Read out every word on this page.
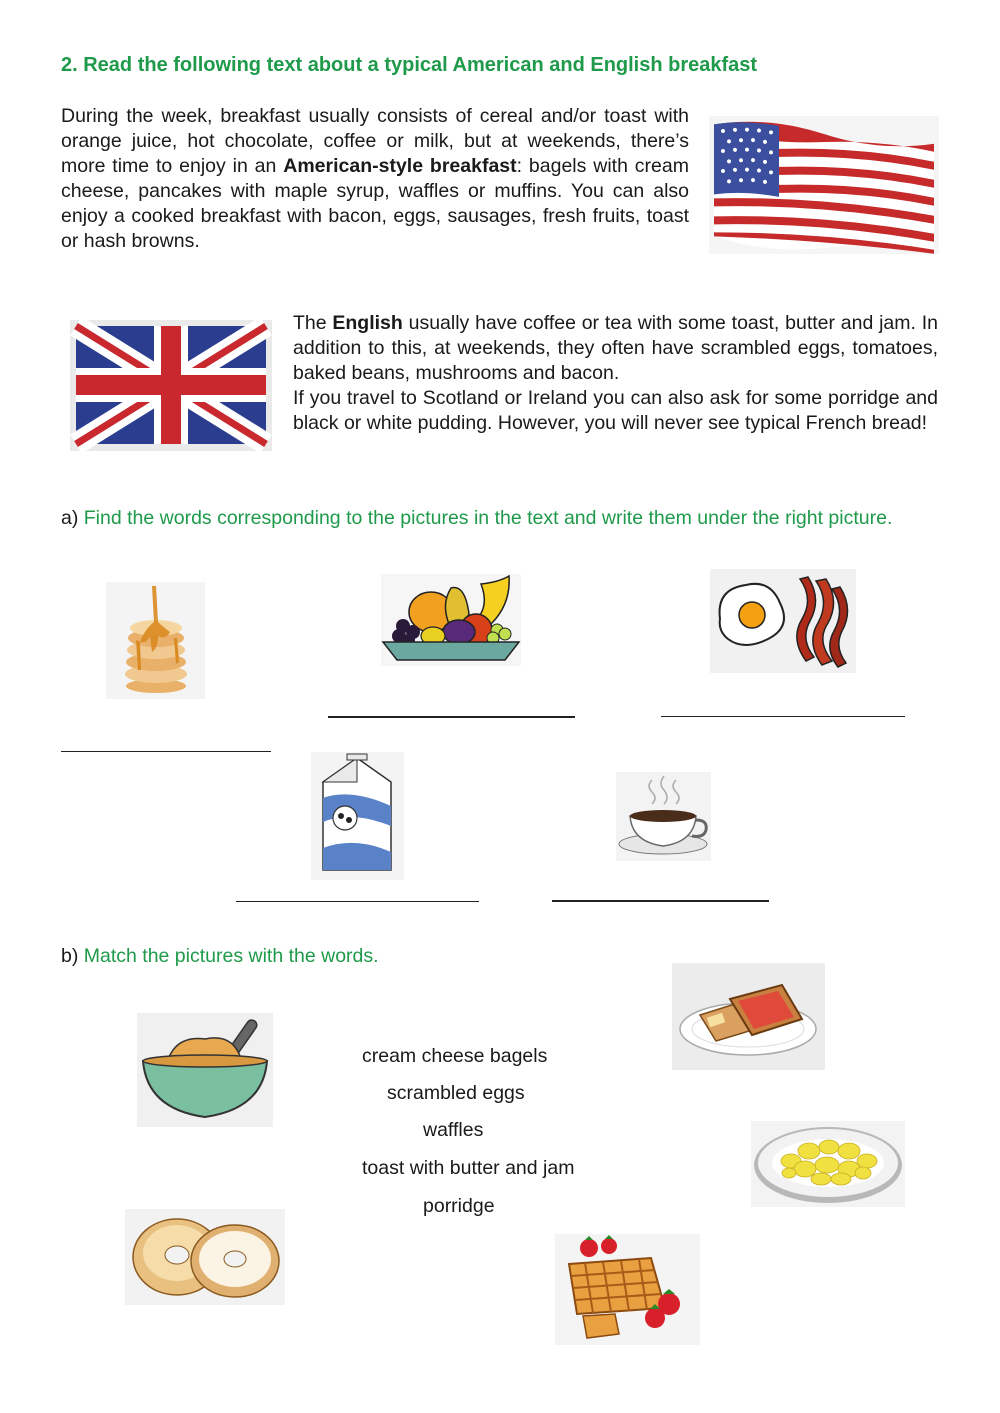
2. Read the following text about a typical American and English breakfast
During the week, breakfast usually consists of cereal and/or toast with orange juice, hot chocolate, coffee or milk, but at weekends, there’s more time to enjoy in an American-style breakfast: bagels with cream cheese, pancakes with maple syrup, waffles or muffins. You can also enjoy a cooked breakfast with bacon, eggs, sausages, fresh fruits, toast or hash browns.
The English usually have coffee or tea with some toast, butter and jam. In addition to this, at weekends, they often have scrambled eggs, tomatoes, baked beans, mushrooms and bacon.
If you travel to Scotland or Ireland you can also ask for some porridge and black or white pudding. However, you will never see typical French bread!
a) Find the words corresponding to the pictures in the text and write them under the right picture.
b) Match the pictures with the words.
cream cheese bagels
scrambled eggs
waffles
toast with butter and jam
porridge
